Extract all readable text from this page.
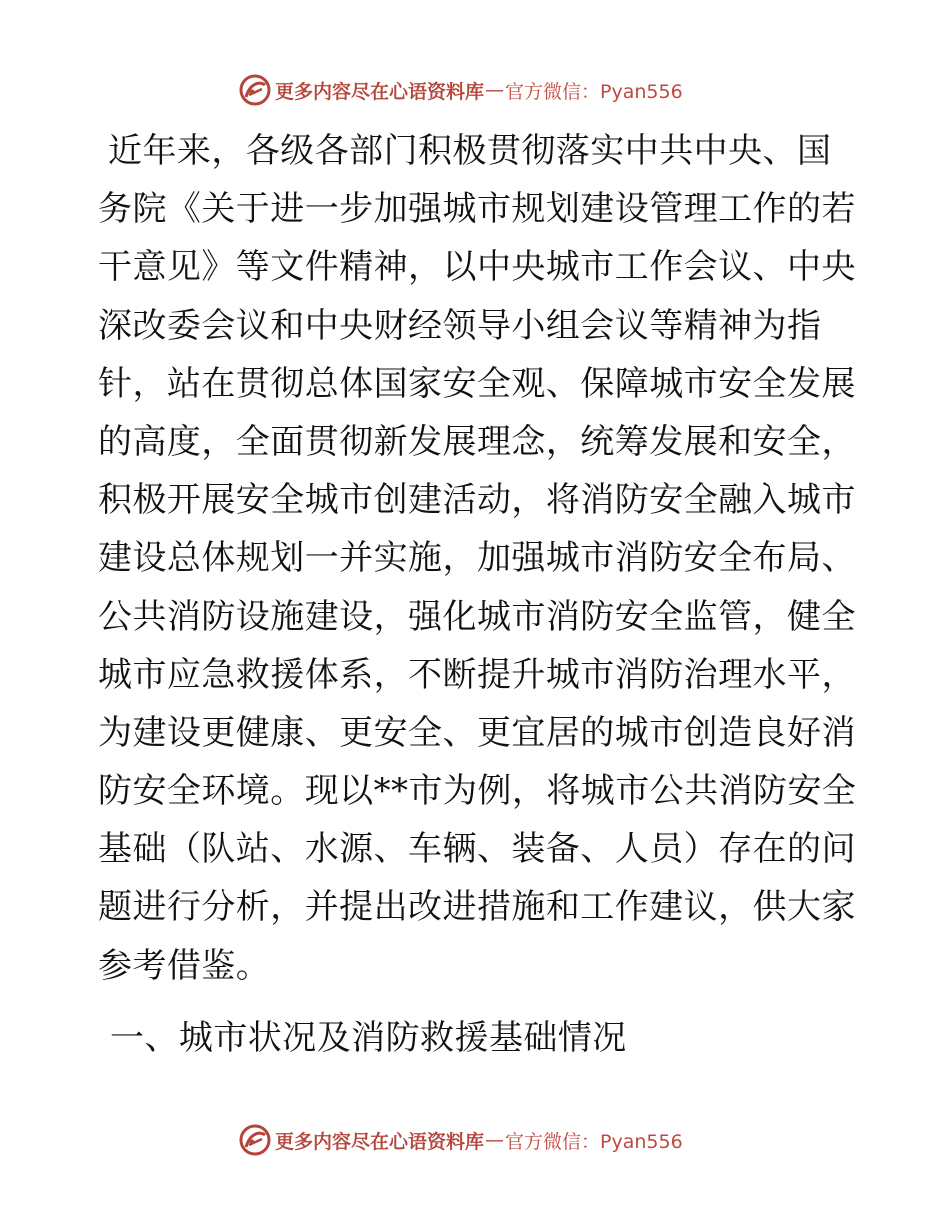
更多内容尽在心语资料库 — 官方微信：Pyan556
近年来，各级各部门积极贯彻落实中共中央、国
务院《关于进一步加强城市规划建设管理工作的若
干意见》等文件精神，以中央城市工作会议、中央
深改委会议和中央财经领导小组会议等精神为指
针，站在贯彻总体国家安全观、保障城市安全发展
的高度，全面贯彻新发展理念，统筹发展和安全，
积极开展安全城市创建活动，将消防安全融入城市
建设总体规划一并实施，加强城市消防安全布局、
公共消防设施建设，强化城市消防安全监管，健全
城市应急救援体系，不断提升城市消防治理水平，
为建设更健康、更安全、更宜居的城市创造良好消
防安全环境。现以**市为例，将城市公共消防安全
基础（队站、水源、车辆、装备、人员）存在的问
题进行分析，并提出改进措施和工作建议，供大家
参考借鉴。
一、城市状况及消防救援基础情况
更多内容尽在心语资料库 — 官方微信：Pyan556
